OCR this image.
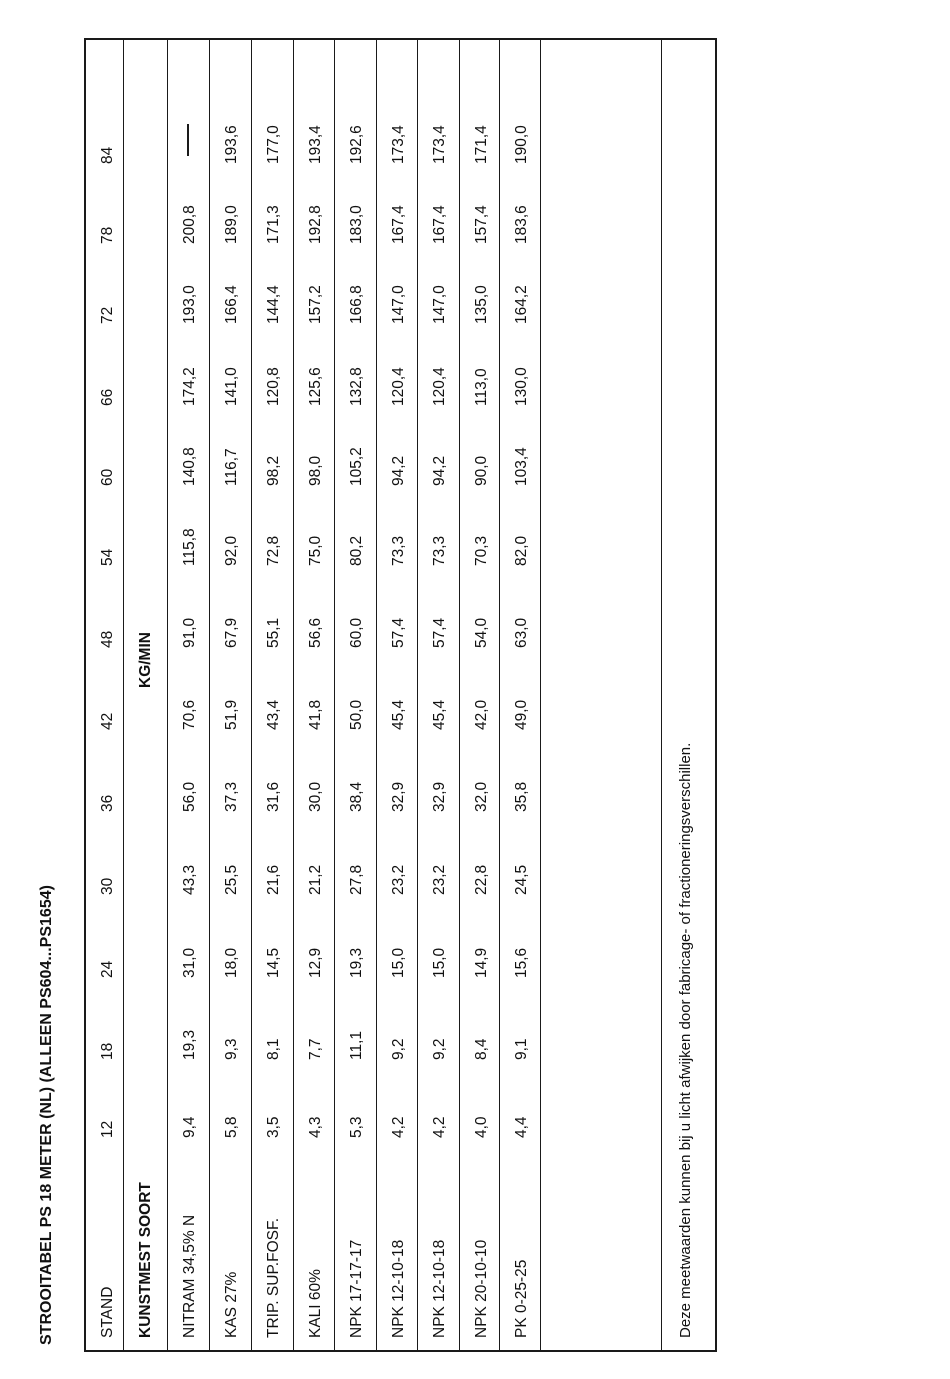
STROOITABEL PS 18 METER (NL) (ALLEEN PS604...PS1654)	STAND
12
18
24
30
36
42
48
54
60
66
72
78
84
KUNSTMEST SOORT
KG/MIN
NITRAM 34,5% N
9,4
19,3
31,0
43,3
56,0
70,6
91,0
115,8
140,8
174,2
193,0
200,8
KAS 27%
5,8
9,3
18,0
25,5
37,3
51,9
67,9
92,0
116,7
141,0
166,4
189,0
193,6
TRIP. SUP.FOSF.
3,5
8,1
14,5
21,6
31,6
43,4
55,1
72,8
98,2
120,8
144,4
171,3
177,0
KALI 60%
4,3
7,7
12,9
21,2
30,0
41,8
56,6
75,0
98,0
125,6
157,2
192,8
193,4
NPK 17-17-17
5,3
11,1
19,3
27,8
38,4
50,0
60,0
80,2
105,2
132,8
166,8
183,0
192,6
NPK 12-10-18
4,2
9,2
15,0
23,2
32,9
45,4
57,4
73,3
94,2
120,4
147,0
167,4
173,4
NPK 12-10-18
4,2
9,2
15,0
23,2
32,9
45,4
57,4
73,3
94,2
120,4
147,0
167,4
173,4
NPK 20-10-10
4,0
8,4
14,9
22,8
32,0
42,0
54,0
70,3
90,0
113,0
135,0
157,4
171,4
PK 0-25-25
4,4
9,1
15,6
24,5
35,8
49,0
63,0
82,0
103,4
130,0
164,2
183,6
190,0
Deze meetwaarden kunnen bij u licht afwijken door fabricage- of fractioneringsverschillen.
